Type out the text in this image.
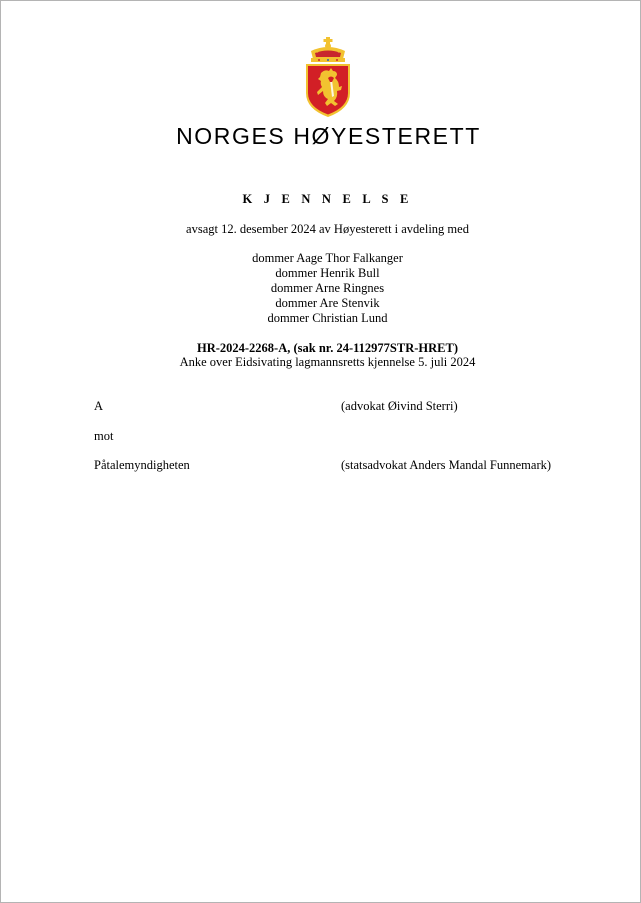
NORGES HØYESTERETT
K J E N N E L S E
avsagt 12. desember 2024 av Høyesterett i avdeling med
dommer Aage Thor Falkanger
dommer Henrik Bull
dommer Arne Ringnes
dommer Are Stenvik
dommer Christian Lund
HR-2024-2268-A, (sak nr. 24-112977STR-HRET)
Anke over Eidsivating lagmannsretts kjennelse 5. juli 2024
A	(advokat Øivind Sterri)
mot
Påtalemyndigheten	(statsadvokat Anders Mandal Funnemark)
